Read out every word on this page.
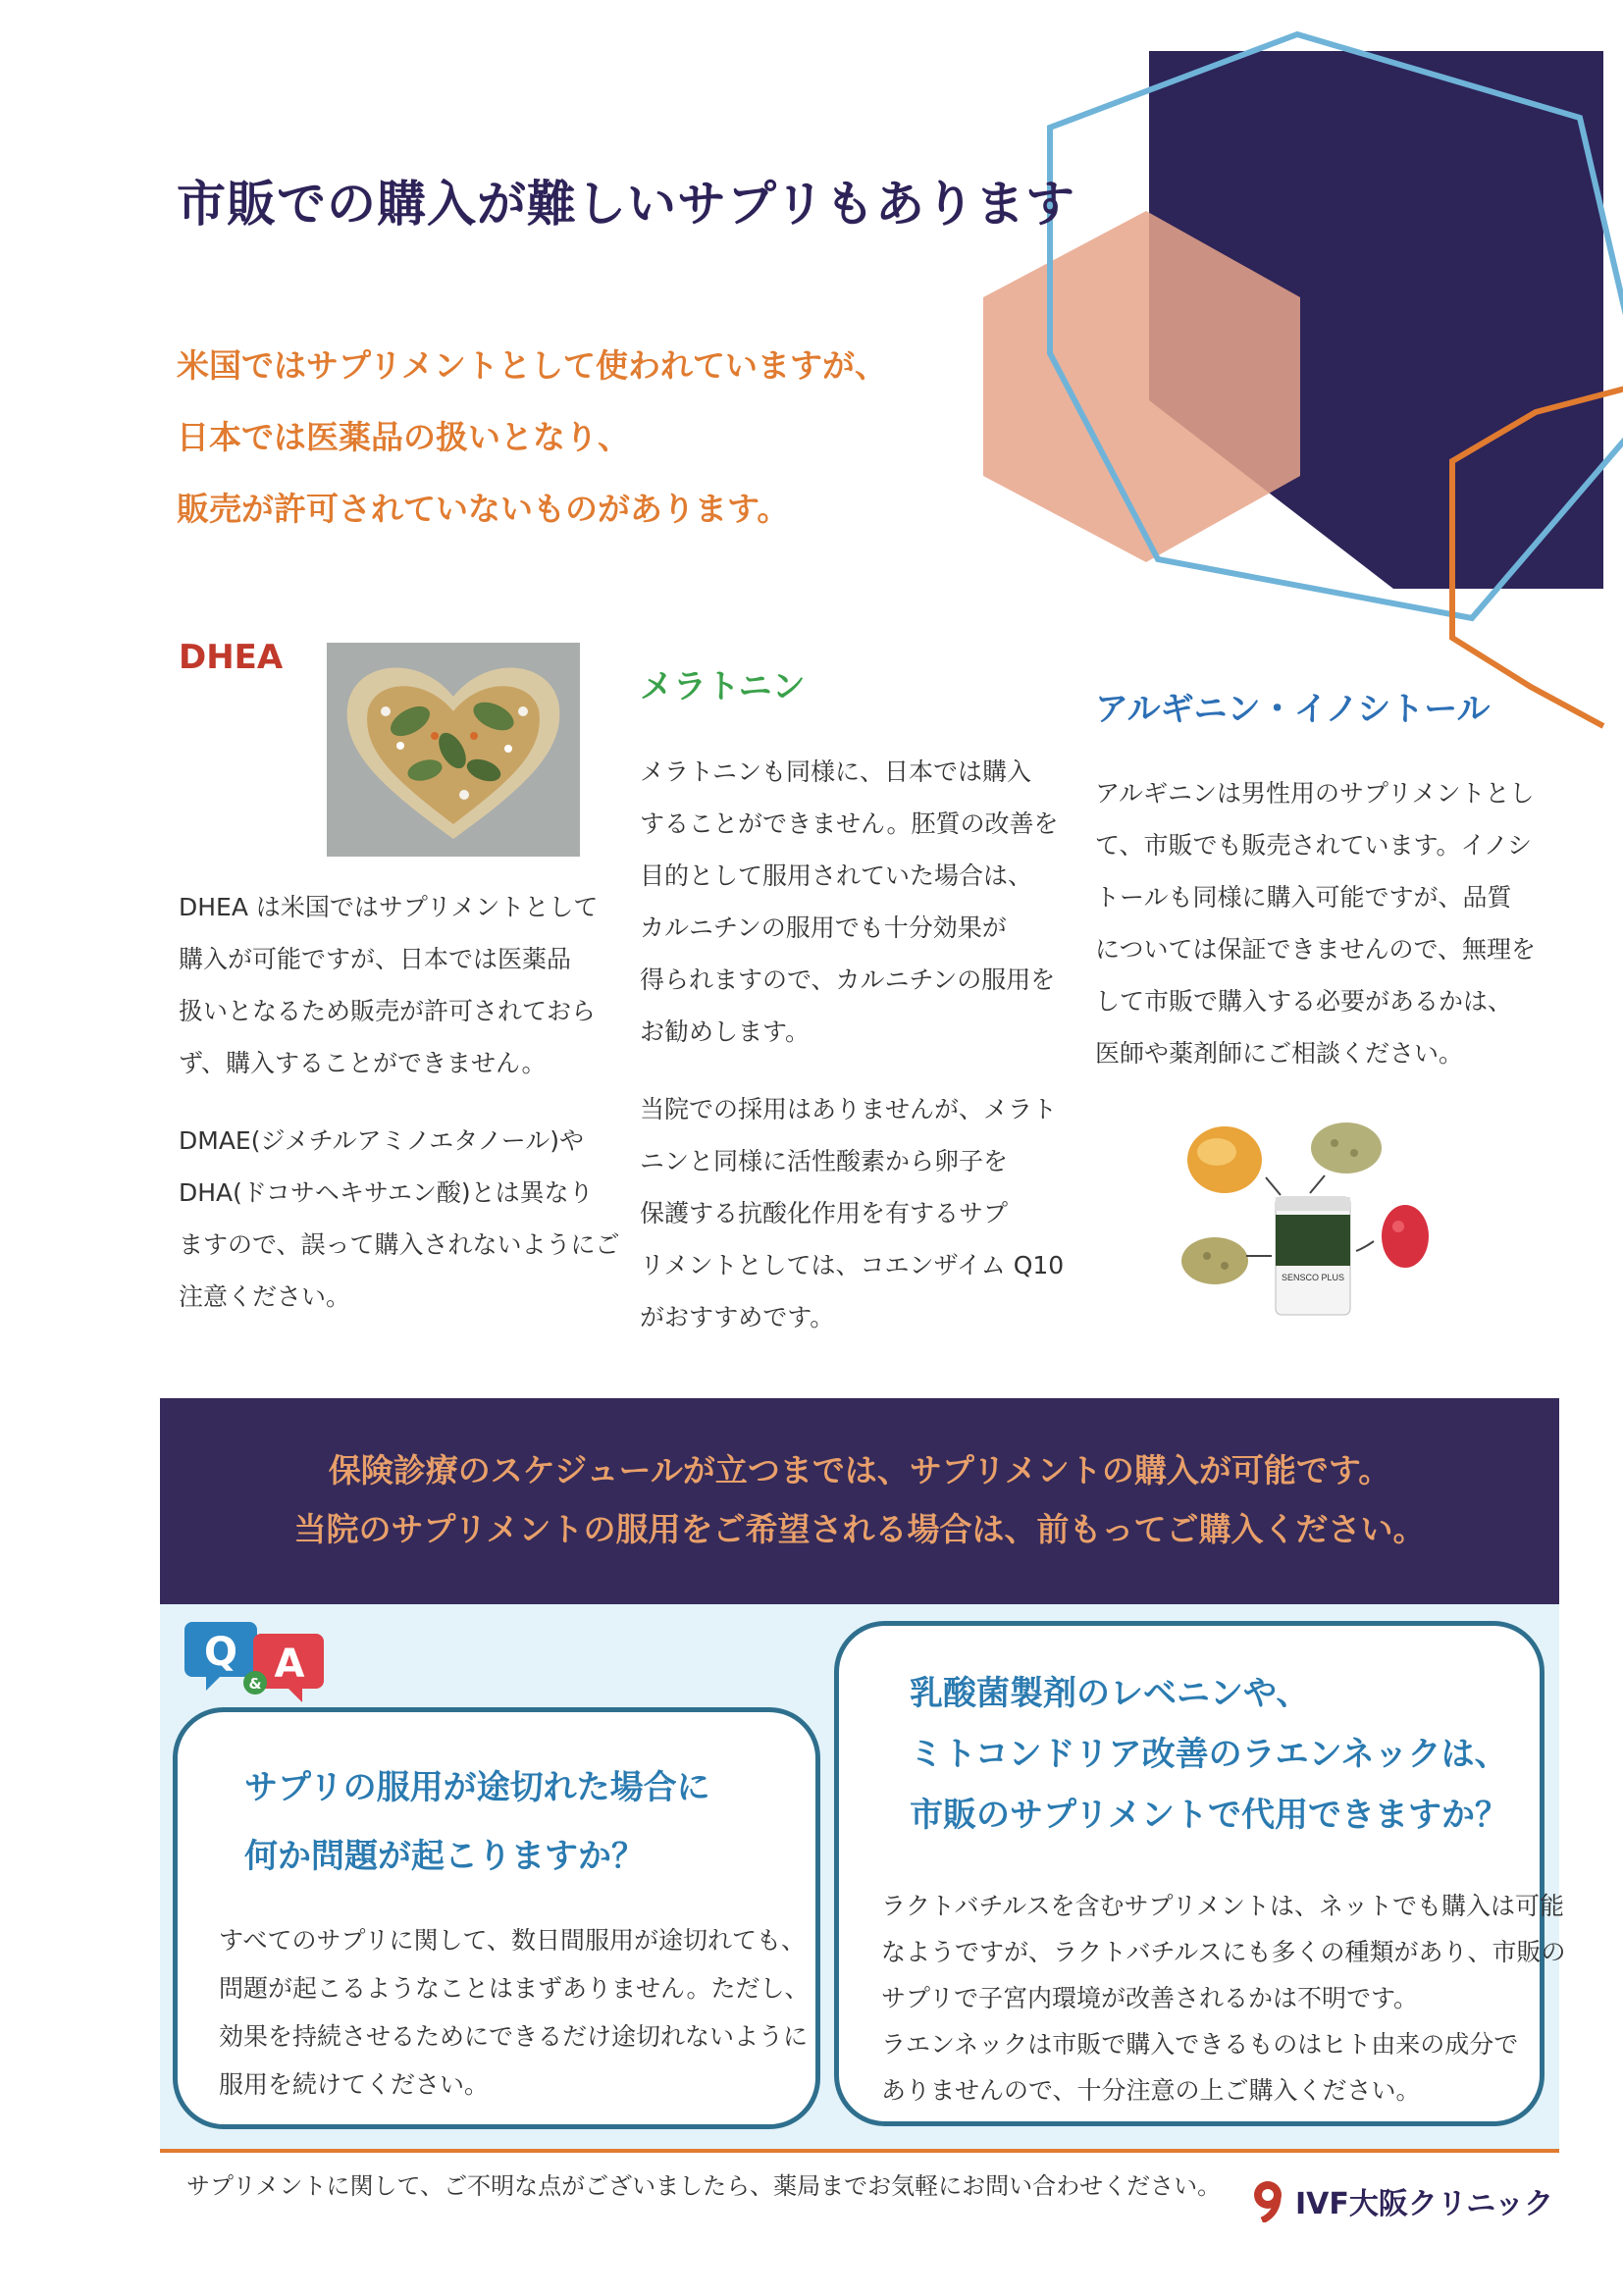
市販での購入が難しいサプリもあります
米国ではサプリメントとして使われていますが、
日本では医薬品の扱いとなり、
販売が許可されていないものがあります。
DHEA

DHEA は米国ではサプリメントとして
購入が可能ですが、日本では医薬品
扱いとなるため販売が許可されておら
ず、購入することができません。

DMAE(ジメチルアミノエタノール)や
DHA(ドコサヘキサエン酸)とは異なり
ますので、誤って購入されないようにご
注意ください。

メラトニン

メラトニンも同様に、日本では購入
することができません。胚質の改善を
目的として服用されていた場合は、
カルニチンの服用でも十分効果が
得られますので、カルニチンの服用を
お勧めします。

当院での採用はありませんが、メラト
ニンと同様に活性酸素から卵子を
保護する抗酸化作用を有するサプ
リメントとしては、コエンザイム Q10
がおすすめです。

アルギニン・イノシトール

アルギニンは男性用のサプリメントとし
て、市販でも販売されています。イノシ
トールも同様に購入可能ですが、品質
については保証できませんので、無理を
して市販で購入する必要があるかは、
医師や薬剤師にご相談ください。

SENSCO PLUS
保険診療のスケジュールが立つまでは、サプリメントの購入が可能です。
当院のサプリメントの服用をご希望される場合は、前もってご購入ください。
Q A
&
サプリの服用が途切れた場合に
何か問題が起こりますか？
すべてのサプリに関して、数日間服用が途切れても、
問題が起こるようなことはまずありません。ただし、
効果を持続させるためにできるだけ途切れないように
服用を続けてください。
乳酸菌製剤のレベニンや、
ミトコンドリア改善のラエンネックは、
市販のサプリメントで代用できますか？
ラクトバチルスを含むサプリメントは、ネットでも購入は可能
なようですが、ラクトバチルスにも多くの種類があり、市販の
サプリで子宮内環境が改善されるかは不明です。
ラエンネックは市販で購入できるものはヒト由来の成分で
ありませんので、十分注意の上ご購入ください。
サプリメントに関して、ご不明な点がございましたら、薬局までお気軽にお問い合わせください。
IVF大阪クリニック
